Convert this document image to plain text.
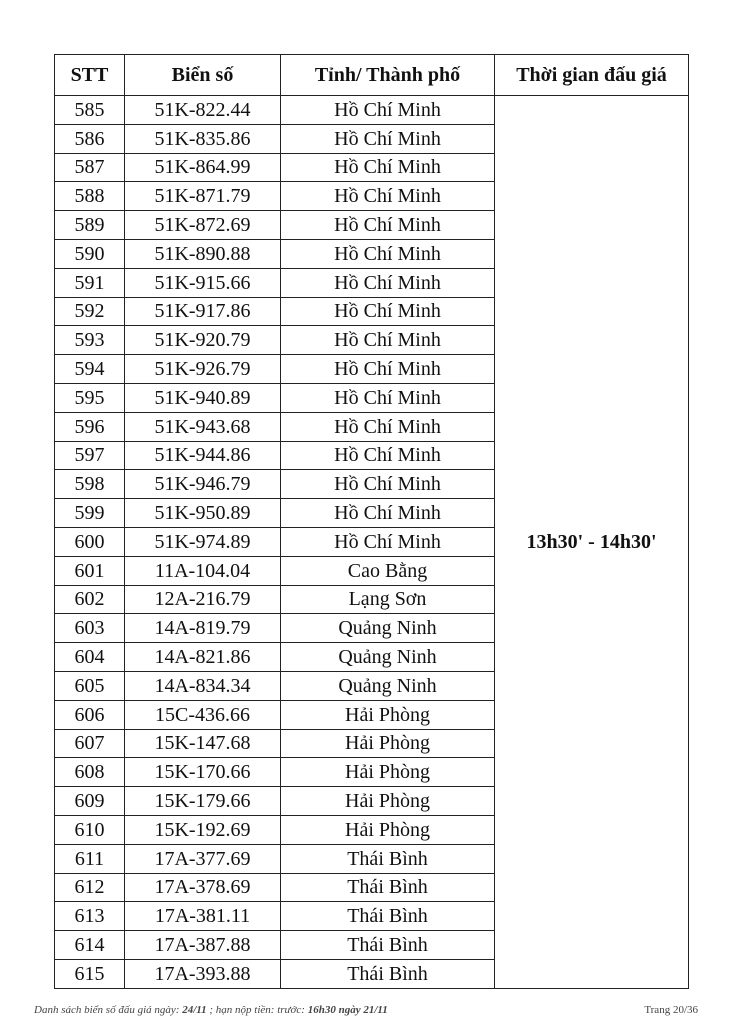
STT	Biển số	Tỉnh/ Thành phố	Thời gian đấu giá
585	51K-822.44	Hồ Chí Minh	13h30' - 14h30'
586	51K-835.86	Hồ Chí Minh	
587	51K-864.99	Hồ Chí Minh	
588	51K-871.79	Hồ Chí Minh	
589	51K-872.69	Hồ Chí Minh	
590	51K-890.88	Hồ Chí Minh	
591	51K-915.66	Hồ Chí Minh	
592	51K-917.86	Hồ Chí Minh	
593	51K-920.79	Hồ Chí Minh	
594	51K-926.79	Hồ Chí Minh	
595	51K-940.89	Hồ Chí Minh	
596	51K-943.68	Hồ Chí Minh	
597	51K-944.86	Hồ Chí Minh	
598	51K-946.79	Hồ Chí Minh	
599	51K-950.89	Hồ Chí Minh	
600	51K-974.89	Hồ Chí Minh	
601	11A-104.04	Cao Bằng	
602	12A-216.79	Lạng Sơn	
603	14A-819.79	Quảng Ninh	
604	14A-821.86	Quảng Ninh	
605	14A-834.34	Quảng Ninh	
606	15C-436.66	Hải Phòng	
607	15K-147.68	Hải Phòng	
608	15K-170.66	Hải Phòng	
609	15K-179.66	Hải Phòng	
610	15K-192.69	Hải Phòng	
611	17A-377.69	Thái Bình	
612	17A-378.69	Thái Bình	
613	17A-381.11	Thái Bình	
614	17A-387.88	Thái Bình	
615	17A-393.88	Thái Bình	
Danh sách biển số đấu giá ngày: 24/11 ; hạn nộp tiền: trước: 16h30 ngày 21/11	Trang 20/36
